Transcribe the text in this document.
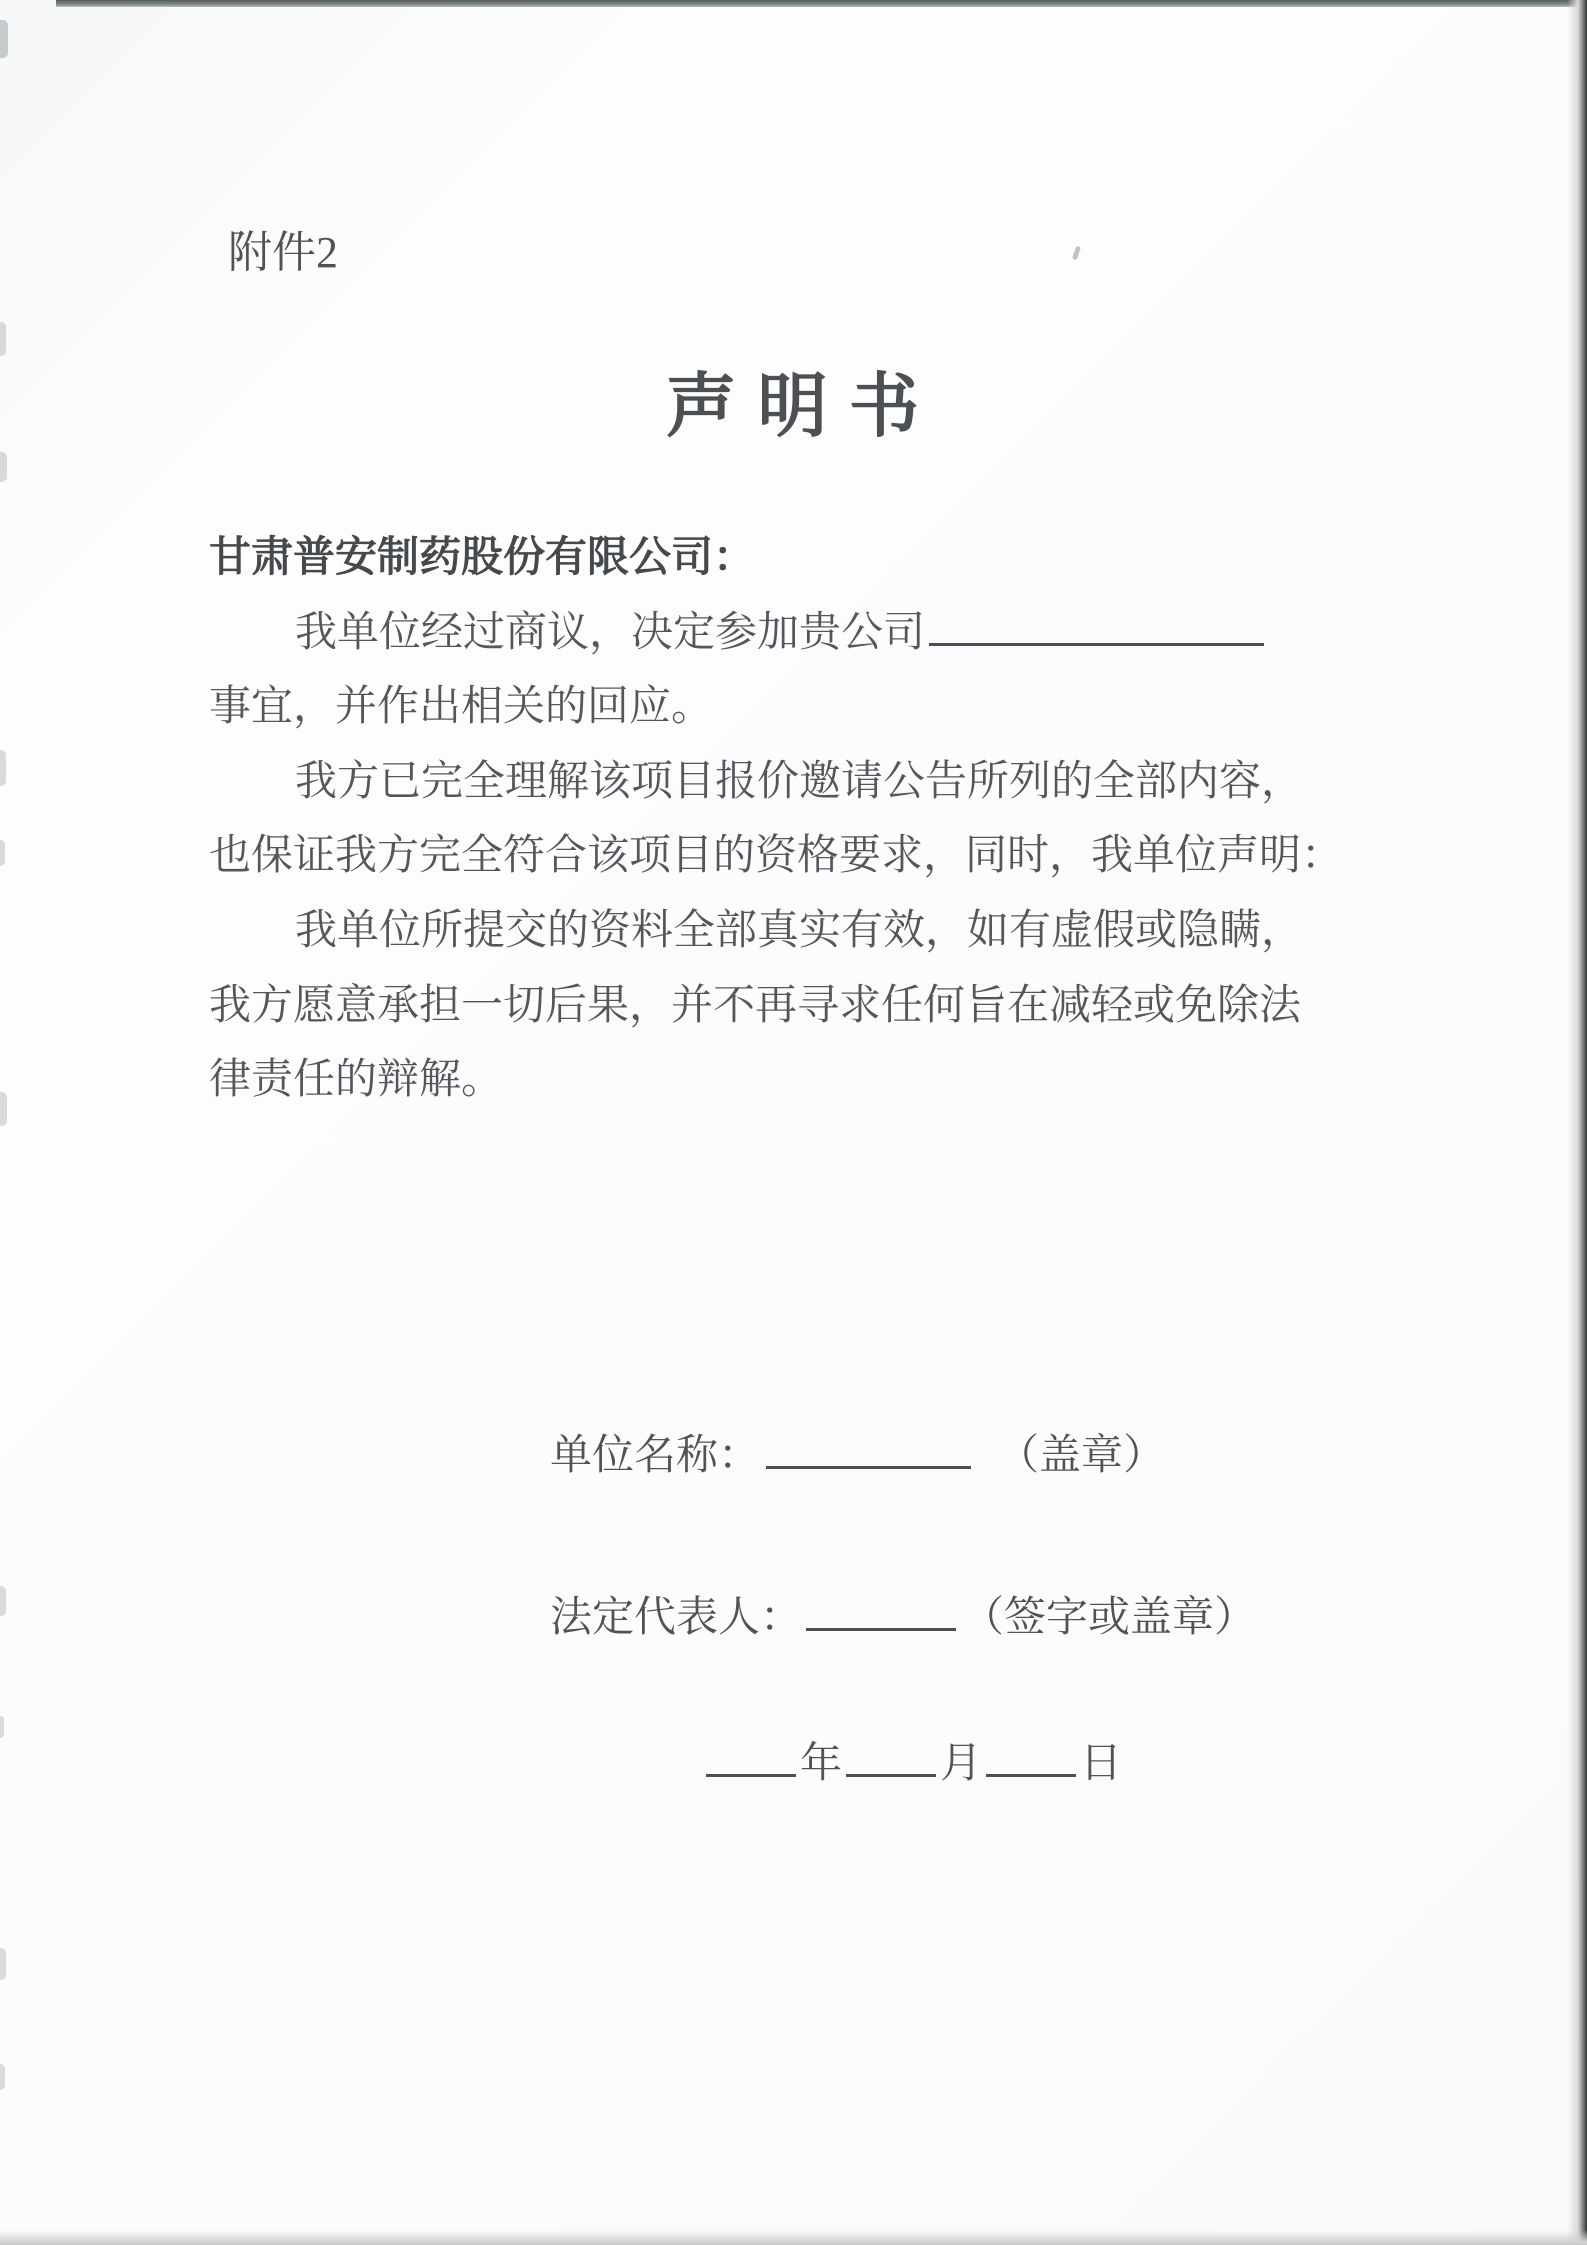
附件2
声 明 书
甘肃普安制药股份有限公司：
我单位经过商议，决定参加贵公司
事宜，并作出相关的回应。
我方已完全理解该项目报价邀请公告所列的全部内容，
也保证我方完全符合该项目的资格要求，同时，我单位声明：
我单位所提交的资料全部真实有效，如有虚假或隐瞒，
我方愿意承担一切后果，并不再寻求任何旨在减轻或免除法
律责任的辩解。
单位名称：	（盖章）
法定代表人：	（签字或盖章）
年 月 日
